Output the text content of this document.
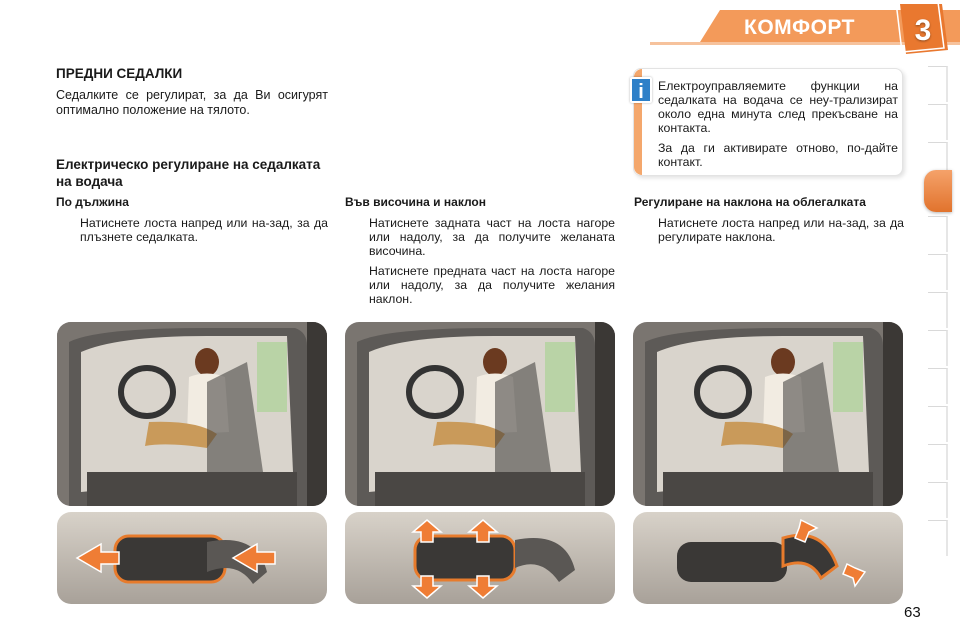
КОМФОРТ 3
ПРЕДНИ СЕДАЛКИ
Седалките се регулират, за да Ви осигурят оптимално положение на тялото.
Електрическо регулиране на седалката на водача
i	Електроуправляемите функции на седалката на водача се неу-трализират около една минута след прекъсване на контакта.

За да ги активирате отново, по-дайте контакт.

По дължина
Натиснете лоста напред или на-зад, за да плъзнете седалката.
Във височина и наклон
Натиснете задната част на лоста нагоре или надолу, за да получите желаната височина.
Натиснете предната част на лоста нагоре или надолу, за да получите желания наклон.
Регулиране на наклона на облегалката
Натиснете лоста напред или на-зад, за да регулирате наклона.
63
